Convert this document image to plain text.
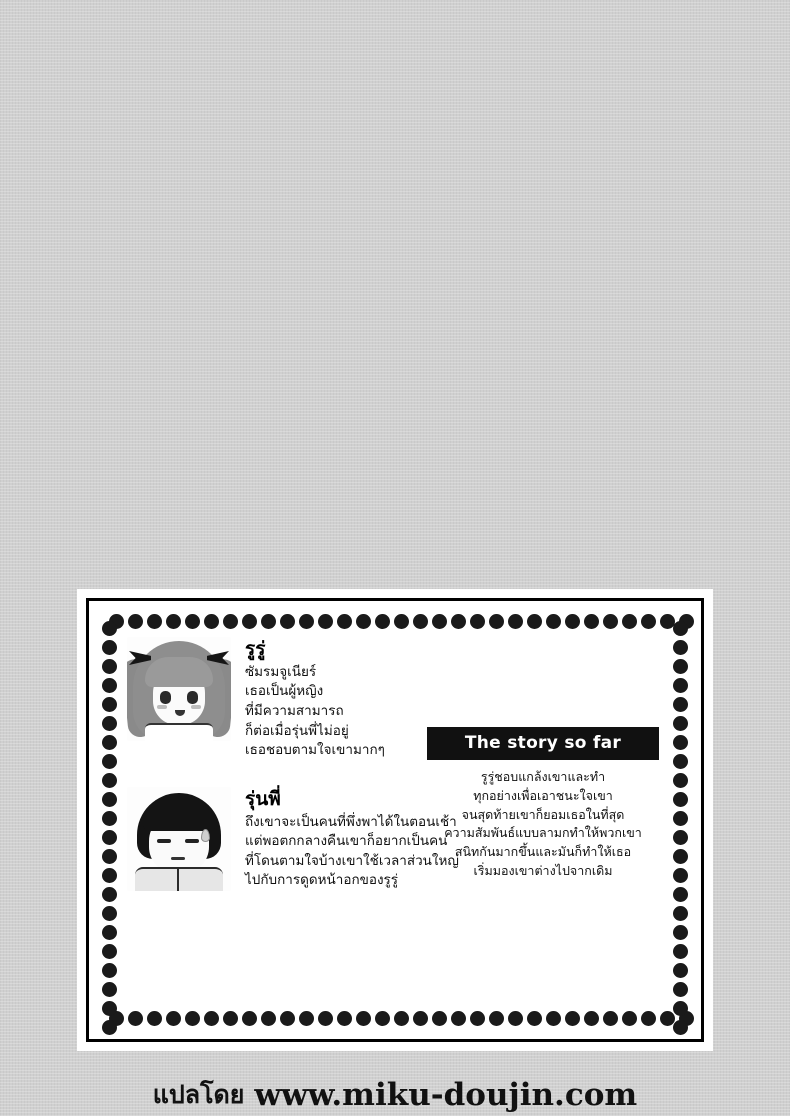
รูรู่
ซัมรมจูเนียร์
เธอเป็นผู้หญิง
ที่มีความสามารถ
ก็ต่อเมื่อรุ่นพี่ไม่อยู่
เธอชอบตามใจเขามากๆ
รุ่นพี่
ถึงเขาจะเป็นคนที่พึ่งพาได้ในตอนเช้า
แต่พอตกกลางคืนเขาก็อยากเป็นคน
ที่โดนตามใจบ้างเขาใช้เวลาส่วนใหญ่
ไปกับการดูดหน้าอกของรูรู่
The story so far
รูรู่ชอบแกล้งเขาและทำ
ทุกอย่างเพื่อเอาชนะใจเขา
จนสุดท้ายเขาก็ยอมเธอในที่สุด
ความสัมพันธ์แบบลามกทำให้พวกเขา
สนิทกันมากขึ้นและมันก็ทำให้เธอ
เริ่มมองเขาต่างไปจากเดิม
แปลโดย www.miku-doujin.com
